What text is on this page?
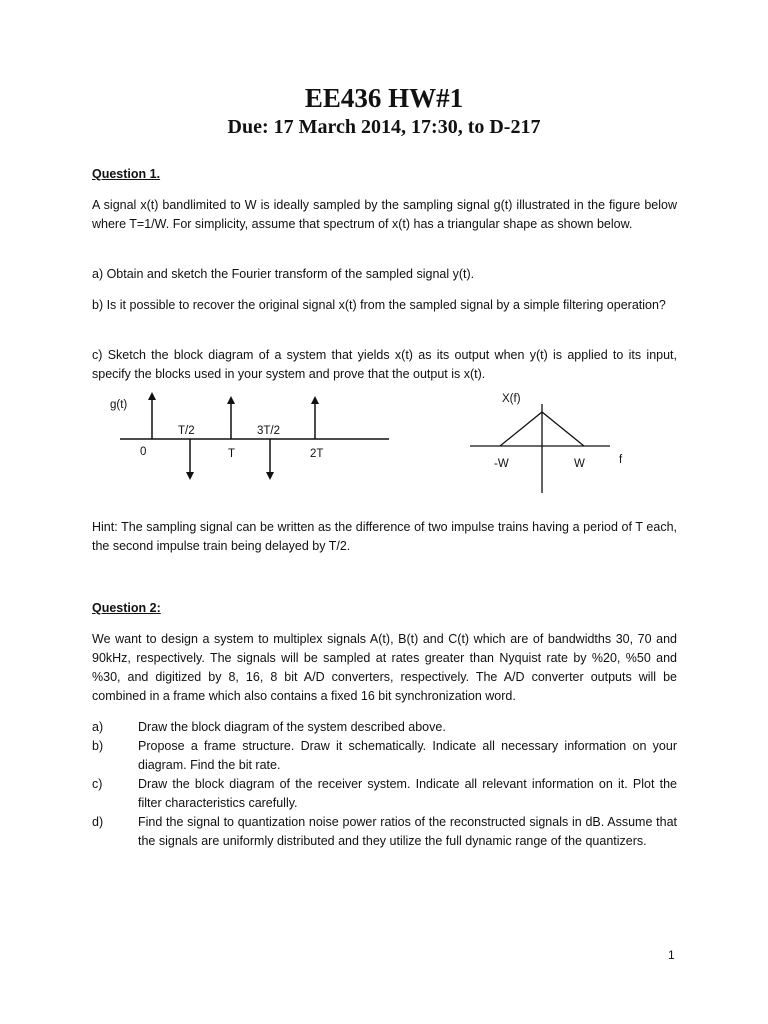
EE436 HW#1
Due: 17 March 2014, 17:30, to D-217
Question 1.

A signal x(t) bandlimited to W is ideally sampled by the sampling signal g(t) illustrated in the figure below where T=1/W. For simplicity, assume that spectrum of x(t) has a triangular shape as shown below.

a) Obtain and sketch the Fourier transform of the sampled signal y(t).

b) Is it possible to recover the original signal x(t) from the sampled signal by a simple filtering operation?

c) Sketch the block diagram of a system that yields x(t) as its output when y(t) is applied to its input, specify the blocks used in your system and prove that the output is x(t).

g(t)
0
T/2
T
3T/2
2T
X(f)
-W	W	f

Hint: The sampling signal can be written as the difference of two impulse trains having a period of T each, the second impulse train being delayed by T/2.

Question 2:

We want to design a system to multiplex signals A(t), B(t) and C(t) which are of bandwidths 30, 70 and 90kHz, respectively. The signals will be sampled at rates greater than Nyquist rate by %20, %50 and %30, and digitized by 8, 16, 8 bit A/D converters, respectively. The A/D converter outputs will be combined in a frame which also contains a fixed 16 bit synchronization word.

a)	Draw the block diagram of the system described above.
b)	Propose a frame structure. Draw it schematically. Indicate all necessary information on your diagram. Find the bit rate.
c)	Draw the block diagram of the receiver system. Indicate all relevant information on it. Plot the filter characteristics carefully.
d)	Find the signal to quantization noise power ratios of the reconstructed signals in dB. Assume that the signals are uniformly distributed and they utilize the full dynamic range of the quantizers.
1
